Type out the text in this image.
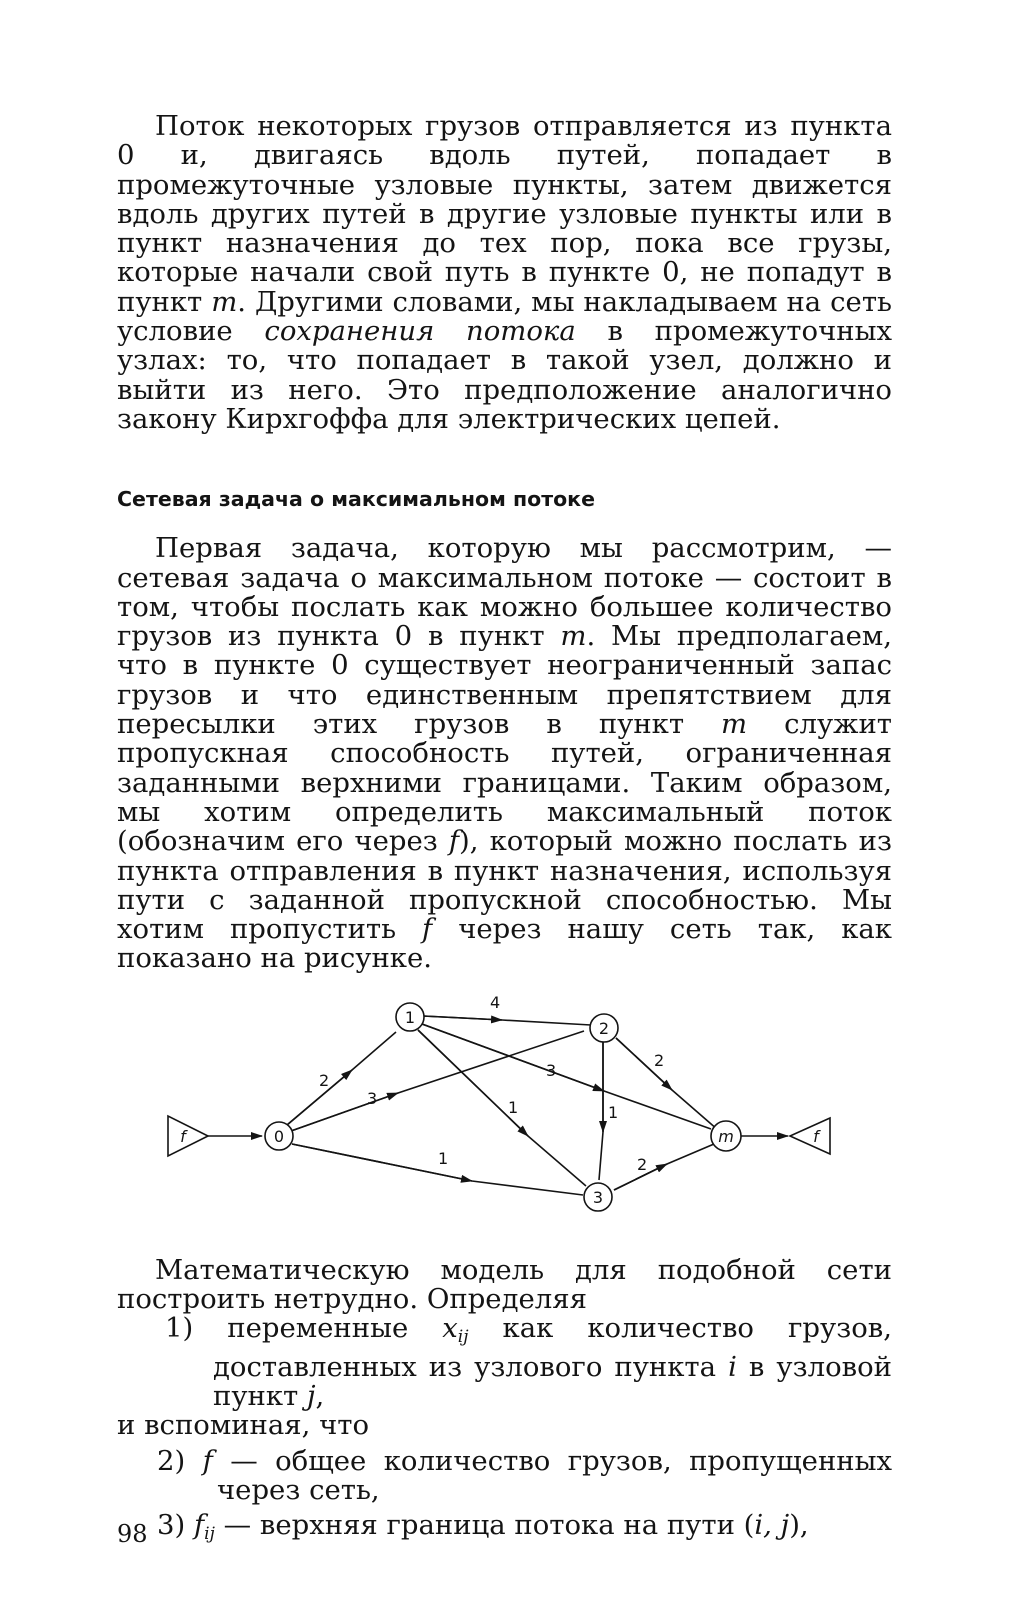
Поток некоторых грузов отправляется из пункта 0 и, двигаясь вдоль путей, попадает в промежуточные узловые пункты, затем движется вдоль других путей в другие узловые пункты или в пункт назначения до тех пор, пока все грузы, которые начали свой путь в пункте 0, не попадут в пункт m. Другими словами, мы накладываем на сеть условие сохранения потока в промежуточных узлах: то, что попадает в такой узел, должно и выйти из него. Это предположение аналогично закону Кирхгоффа для электрических цепей.

Сетевая задача о максимальном потоке

Первая задача, которую мы рассмотрим, — сетевая задача о максимальном потоке — состоит в том, чтобы послать как можно большее количество грузов из пункта 0 в пункт m. Мы предполагаем, что в пункте 0 существует неограниченный запас грузов и что единственным препятствием для пересылки этих грузов в пункт m служит пропускная способность путей, ограниченная заданными верхними границами. Таким образом, мы хотим определить максимальный поток (обозначим его через f), который можно послать из пункта отправления в пункт назначения, используя пути с заданной пропускной способностью. Мы хотим пропустить f через нашу сеть так, как показано на рисунке.

1
2
0
3
m
f	f
4
2
3
3
1
2
1
1	2

Математическую модель для подобной сети построить нетрудно. Определяя

1) переменные $x_{ij}$ как количество грузов, доставленных из узлового пункта i в узловой пункт j,

и вспоминая, что

2) f — общее количество грузов, пропущенных через сеть,

3) $f_{ij}$ — верхняя граница потока на пути (i, j),

98
